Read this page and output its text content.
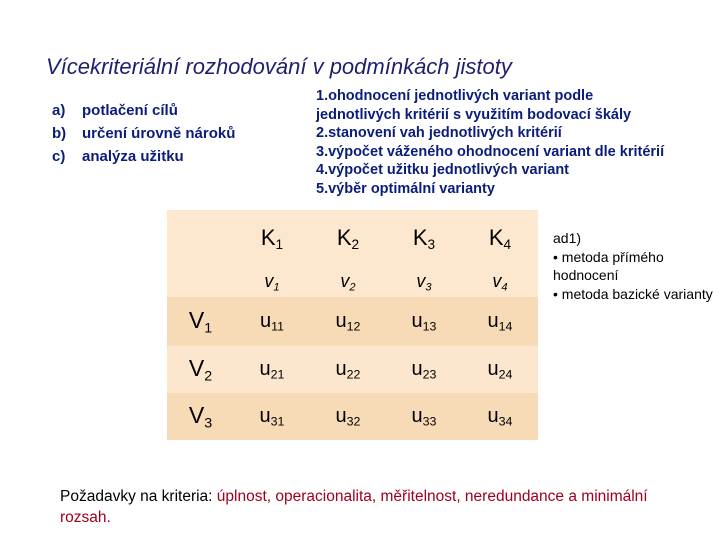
Vícekriteriální rozhodování v podmínkách jistoty
a)	potlačení cílů
b)	určení úrovně nároků
c)	analýza užitku
1.ohodnocení jednotlivých variant podle
jednotlivých kritérií s využitím bodovací škály
2.stanovení vah jednotlivých kritérií
3.výpočet váženého ohodnocení variant dle kritérií
4.výpočet užitku jednotlivých variant
5.výběr optimální varianty
	$K_1$	$K_2$	$K_3$	$K_4$
	$v_1$	$v_2$	$v_3$	$v_4$
$V_1$	$u_{11}$	$u_{12}$	$u_{13}$	$u_{14}$
$V_2$	$u_{21}$	$u_{22}$	$u_{23}$	$u_{24}$
$V_3$	$u_{31}$	$u_{32}$	$u_{33}$	$u_{34}$
ad1)
• metoda přímého hodnocení
• metoda bazické varianty
Požadavky na kriteria: úplnost, operacionalita, měřitelnost, neredundance a minimální rozsah.
